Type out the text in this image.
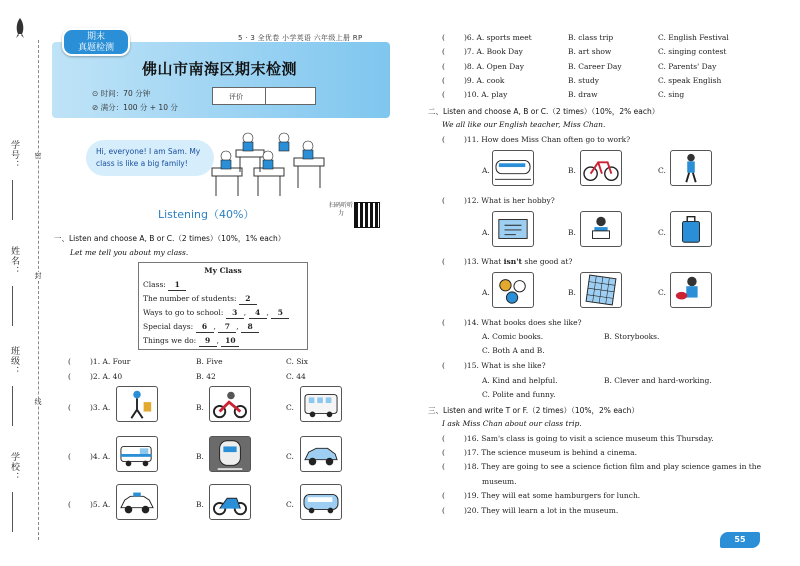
学号：
姓名：
班级：
学校：
密
封
线
5 · 3 全优卷 小学英语 六年级上册 RP
期末
真题检测
佛山市南海区期末检测
⊙ 时间：70 分钟
⊘ 满分：100 分 + 10 分
评价
Hi, everyone! I am Sam. My
class is like a big family!
扫码听听力
Listening（40%）
一、Listen and choose A, B or C.（2 times）（10%，1% each）
Let me tell you about my class.
My Class
Class: 1
The number of students: 2
Ways to go to school: 3 , 4 , 5
Special days: 6 , 7 , 8
Things we do: 9 , 10
(	)1. A. Four	B. Five	C. Six
(	)2. A. 40	B. 42	C. 44
(	)3. A.	B.	C.
(	)4. A.	B.	C.
(	)5. A.	B.	C.
(	)6. A. sports meet	B. class trip	C. English Festival
(	)7. A. Book Day	B. art show	C. singing contest
(	)8. A. Open Day	B. Career Day	C. Parents' Day
(	)9. A. cook	B. study	C. speak English
(	)10. A. play	B. draw	C. sing
二、Listen and choose A, B or C.（2 times）（10%，2% each）
We all like our English teacher, Miss Chan.
(	)11. How does Miss Chan often go to work?
A.	B.	C.
(	)12. What is her hobby?
A.	B.	C.
(	)13. What isn't she good at?
A.	B.	C.
(	)14. What books does she like?
A. Comic books.	B. Storybooks.
C. Both A and B.
(	)15. What is she like?
A. Kind and helpful.	B. Clever and hard-working.
C. Polite and funny.
三、Listen and write T or F.（2 times）（10%，2% each）
I ask Miss Chan about our class trip.
(	)16. Sam's class is going to visit a science museum this Thursday.
(	)17. The science museum is behind a cinema.
(	)18. They are going to see a science fiction film and play science games in the
museum.
(	)19. They will eat some hamburgers for lunch.
(	)20. They will learn a lot in the museum.
55
